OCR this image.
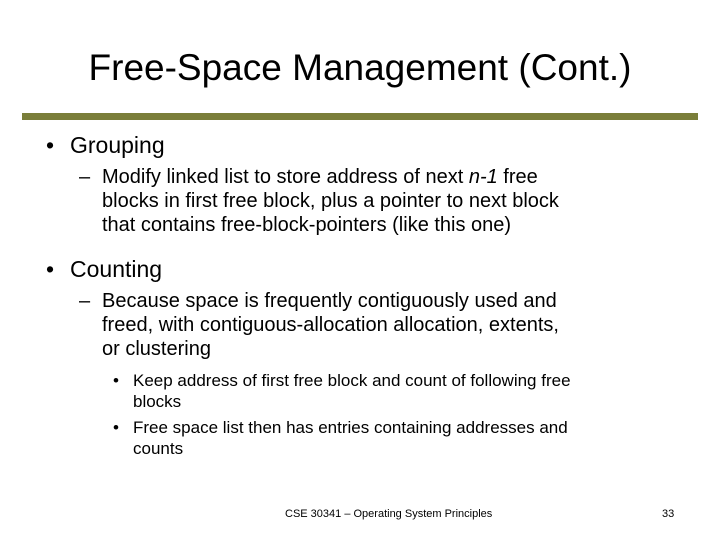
Free-Space Management (Cont.)
• Grouping
– Modify linked list to store address of next n-1 free
blocks in first free block, plus a pointer to next block
that contains free-block-pointers (like this one)
• Counting
– Because space is frequently contiguously used and
freed, with contiguous-allocation allocation, extents,
or clustering
• Keep address of first free block and count of following free
blocks
• Free space list then has entries containing addresses and
counts
CSE 30341 – Operating System Principles	33
